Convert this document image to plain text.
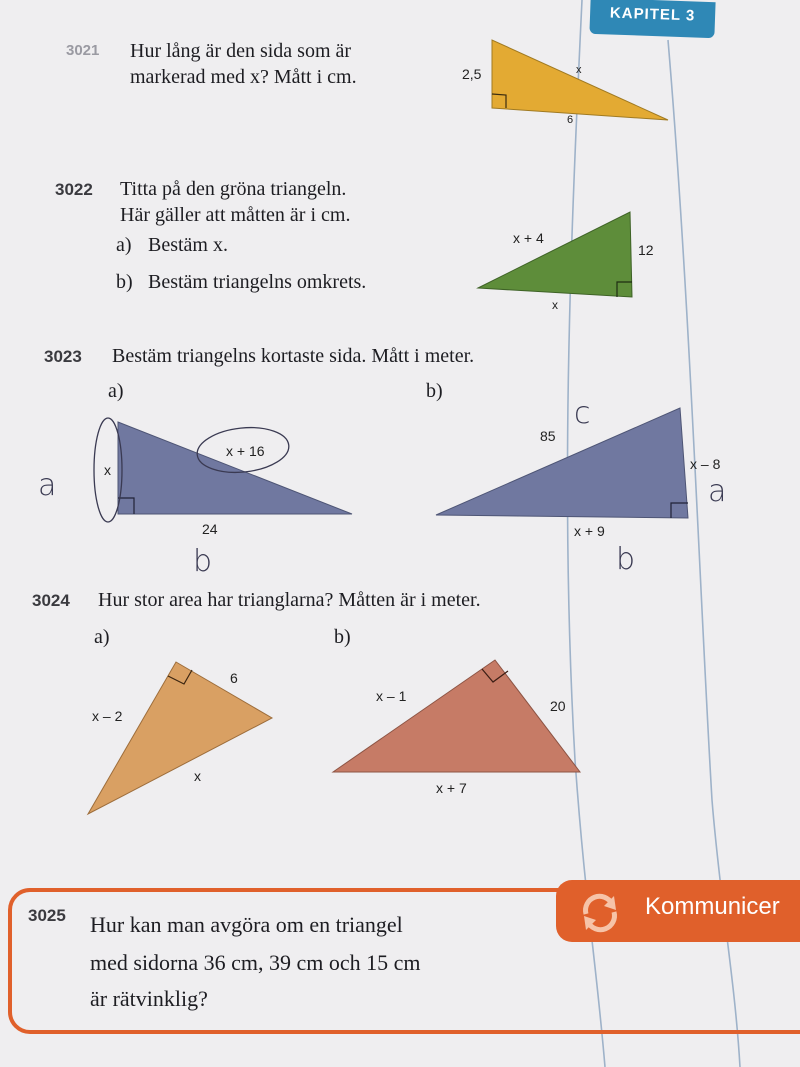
KAPITEL 3
3021 Hur lång är den sida som är
markerad med x? Mått i cm.	2,5	x
6
3022 Titta på den gröna triangeln.
Här gäller att måtten är i cm.
a) Bestäm x.
b) Bestäm triangelns omkrets.
x + 4
12
x
3023 Bestäm triangelns kortaste sida. Mått i meter.
a)	b)
x
x + 16
24
85
x – 8
x + 9
a
b
c
a
b
3024 Hur stor area har trianglarna? Måtten är i meter.
a)	b)
x – 2
6
x
x – 1
20
x + 7
Kommunicer
3025 Hur kan man avgöra om en triangel
med sidorna 36 cm, 39 cm och 15 cm
är rätvinklig?
